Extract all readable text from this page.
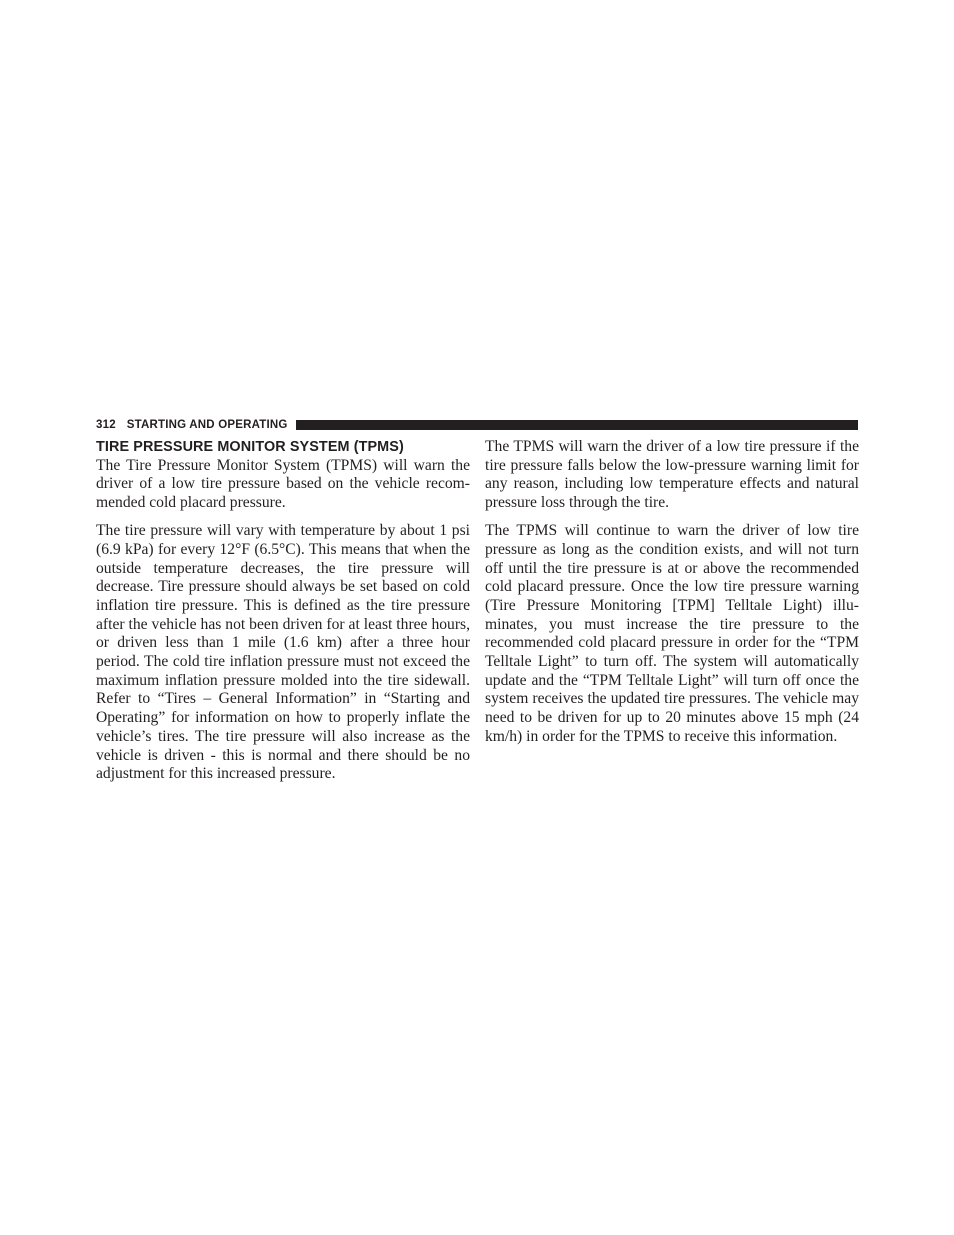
312 STARTING AND OPERATING
TIRE PRESSURE MONITOR SYSTEM (TPMS)

The Tire Pressure Monitor System (TPMS) will warn the driver of a low tire pressure based on the vehicle recommended cold placard pressure.

The tire pressure will vary with temperature by about 1 psi (6.9 kPa) for every 12°F (6.5°C). This means that when the outside temperature decreases, the tire pressure will decrease. Tire pressure should always be set based on cold inflation tire pressure. This is defined as the tire pressure after the vehicle has not been driven for at least three hours, or driven less than 1 mile (1.6 km) after a three hour period. The cold tire inflation pressure must not exceed the maximum inflation pressure molded into the tire sidewall. Refer to “Tires – General Information” in “Starting and Operating” for information on how to properly inflate the vehicle’s tires. The tire pressure will also increase as the vehicle is driven - this is normal and there should be no adjustment for this increased pressure.

The TPMS will warn the driver of a low tire pressure if the tire pressure falls below the low-pressure warning limit for any reason, including low temperature effects and natural pressure loss through the tire.

The TPMS will continue to warn the driver of low tire pressure as long as the condition exists, and will not turn off until the tire pressure is at or above the recommended cold placard pressure. Once the low tire pressure warning (Tire Pressure Monitoring [TPM] Telltale Light) illuminates, you must increase the tire pressure to the recommended cold placard pressure in order for the “TPM Telltale Light” to turn off. The system will automatically update and the “TPM Telltale Light” will turn off once the system receives the updated tire pressures. The vehicle may need to be driven for up to 20 minutes above 15 mph (24 km/h) in order for the TPMS to receive this information.
